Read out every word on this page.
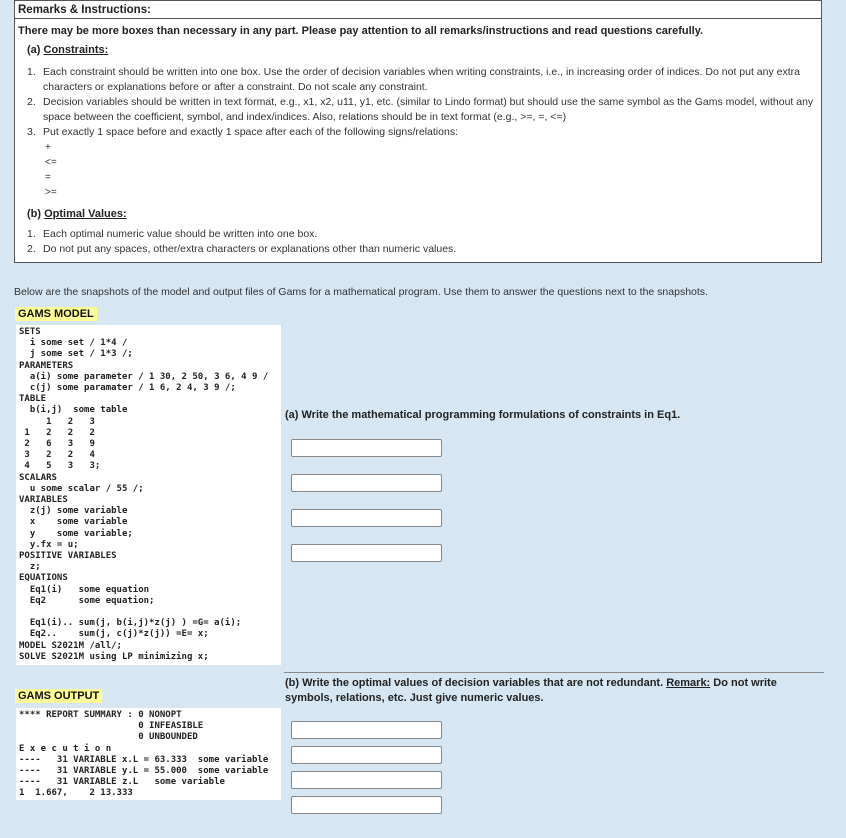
Remarks & Instructions:
There may be more boxes than necessary in any part. Please pay attention to all remarks/instructions and read questions carefully.
(a) Constraints:
1. Each constraint should be written into one box. Use the order of decision variables when writing constraints, i.e., in increasing order of indices. Do not put any extra characters or explanations before or after a constraint. Do not scale any constraint.
2. Decision variables should be written in text format, e.g., x1, x2, u11, y1, etc. (similar to Lindo format) but should use the same symbol as the Gams model, without any space between the coefficient, symbol, and index/indices. Also, relations should be in text format (e.g., >=, =, <=)
3. Put exactly 1 space before and exactly 1 space after each of the following signs/relations:
+
<=
=
>=
(b) Optimal Values:
1. Each optimal numeric value should be written into one box.
2. Do not put any spaces, other/extra characters or explanations other than numeric values.
Below are the snapshots of the model and output files of Gams for a mathematical program. Use them to answer the questions next to the snapshots.
GAMS MODEL
SETS
i some set / 1*4 /
j some set / 1*3 /;
PARAMETERS
a(i) some parameter / 1 30, 2 50, 3 6, 4 9 /
c(j) some paramater / 1 6, 2 4, 3 9 /;
TABLE
b(i,j)  some table
1   2   3
1   2   2   2
2   6   3   9
3   2   2   4
4   5   3   3;
SCALARS
u some scalar / 55 /;
VARIABLES
z(j) some variable
x    some variable
y    some variable;
y.fx = u;
POSITIVE VARIABLES
z;
EQUATIONS
Eq1(i)   some equation
Eq2      some equation;

Eq1(i).. sum(j, b(i,j)*z(j) ) =G= a(i);
Eq2..    sum(j, c(j)*z(j)) =E= x;
MODEL S2021M /all/;
SOLVE S2021M using LP minimizing x;
(a) Write the mathematical programming formulations of constraints in Eq1.
GAMS OUTPUT
**** REPORT SUMMARY : 0 NONOPT
0 INFEASIBLE
0 UNBOUNDED
E x e c u t i o n
----   31 VARIABLE x.L = 63.333  some variable
----   31 VARIABLE y.L = 55.000  some variable
----   31 VARIABLE z.L   some variable
1  1.667,    2 13.333
(b) Write the optimal values of decision variables that are not redundant. Remark: Do not write symbols, relations, etc. Just give numeric values.
